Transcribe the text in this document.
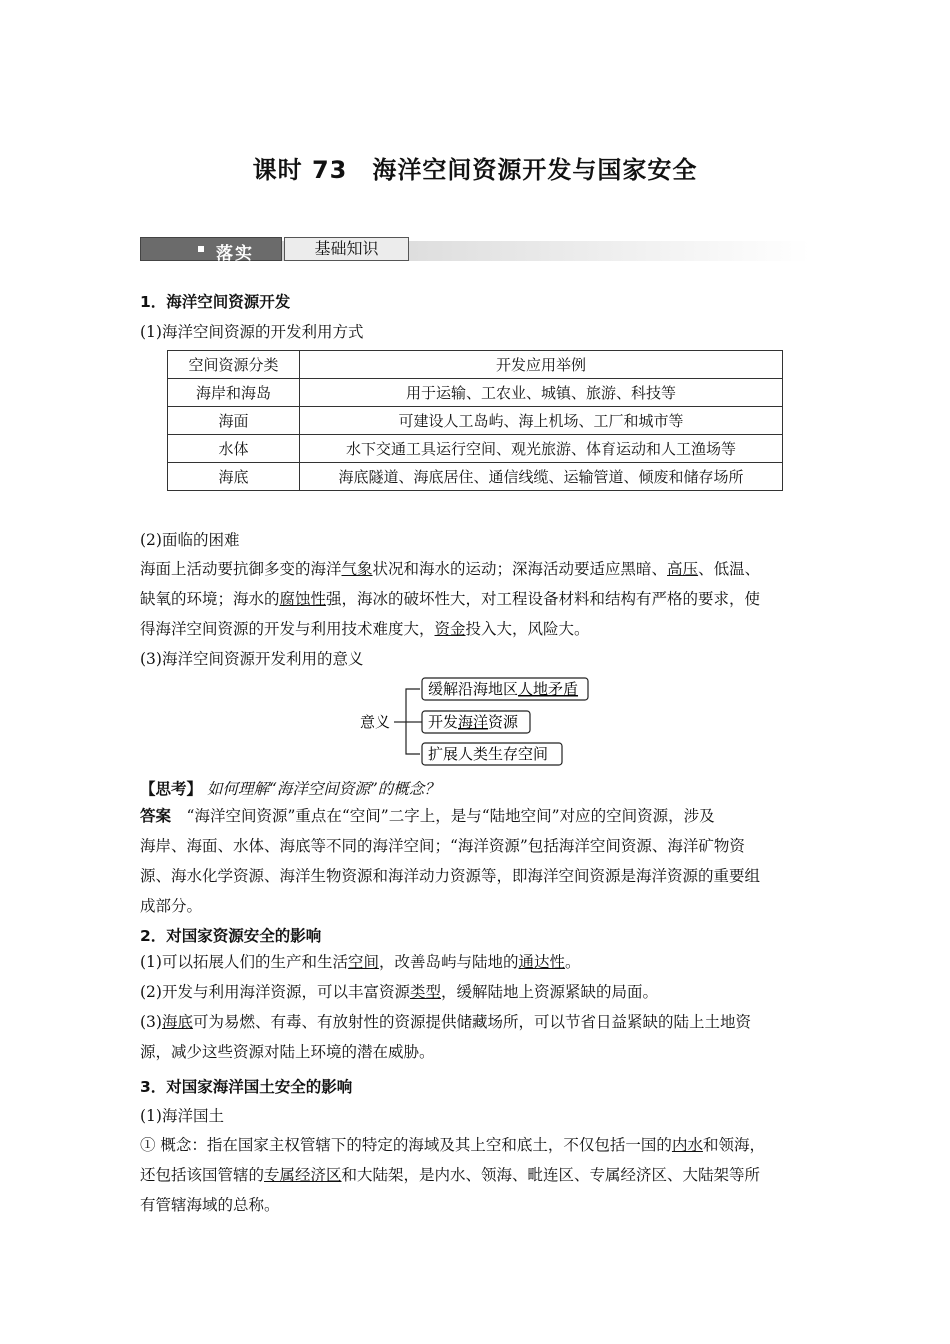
课时 73　海洋空间资源开发与国家安全
落实	基础知识
1．海洋空间资源开发
(1)海洋空间资源的开发利用方式
空间资源分类	开发应用举例
海岸和海岛	用于运输、工农业、城镇、旅游、科技等
海面	可建设人工岛屿、海上机场、工厂和城市等
水体	水下交通工具运行空间、观光旅游、体育运动和人工渔场等
海底	海底隧道、海底居住、通信线缆、运输管道、倾废和储存场所
(2)面临的困难
海面上活动要抗御多变的海洋气象状况和海水的运动；深海活动要适应黑暗、高压、低温、
缺氧的环境；海水的腐蚀性强，海冰的破坏性大，对工程设备材料和结构有严格的要求，使
得海洋空间资源的开发与利用技术难度大，资金投入大，风险大。
(3)海洋空间资源开发利用的意义
意义
缓解沿海地区人地矛盾
开发海洋资源
扩展人类生存空间
【思考】 如何理解“海洋空间资源”的概念？
答案　 “海洋空间资源”重点在“空间”二字上，是与“陆地空间”对应的空间资源，涉及
海岸、海面、水体、海底等不同的海洋空间；“海洋资源”包括海洋空间资源、海洋矿物资
源、海水化学资源、海洋生物资源和海洋动力资源等，即海洋空间资源是海洋资源的重要组
成部分。
2．对国家资源安全的影响
(1)可以拓展人们的生产和生活空间，改善岛屿与陆地的通达性。
(2)开发与利用海洋资源，可以丰富资源类型，缓解陆地上资源紧缺的局面。
(3)海底可为易燃、有毒、有放射性的资源提供储藏场所，可以节省日益紧缺的陆上土地资
源，减少这些资源对陆上环境的潜在威胁。
3．对国家海洋国土安全的影响
(1)海洋国土
① 概念：指在国家主权管辖下的特定的海域及其上空和底土，不仅包括一国的内水和领海，
还包括该国管辖的专属经济区和大陆架，是内水、领海、毗连区、专属经济区、大陆架等所
有管辖海域的总称。
